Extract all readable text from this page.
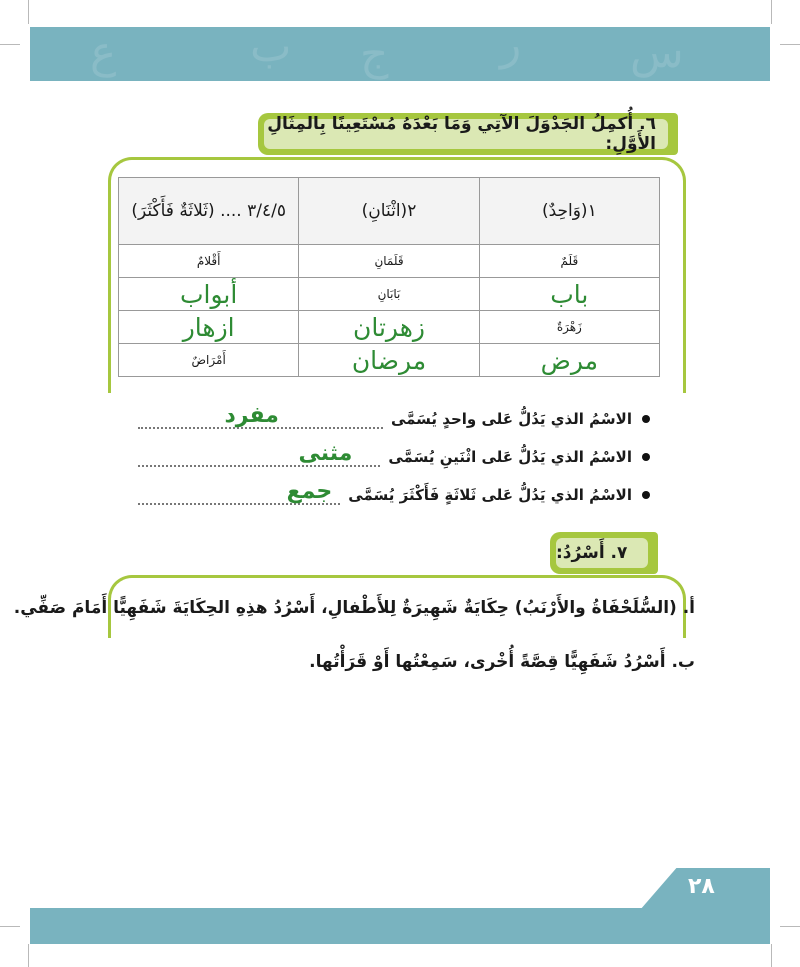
ع	ب ج	ر س
٦. أُكمِلُ الجَدْوَلَ الآتِي وَمَا بَعْدَهُ مُسْتَعِينًا بِالمِثَالِ الأَوَّلِ:
١(وَاحِدٌ)	٢(اثْنَانِ)	٣/٤/٥ .... (ثَلاثَةٌ فَأَكْثَرَ)
قَلَمٌ	قَلَمَانِ	أَقْلامٌ
باب	بَابَانِ	أبواب
زَهْرَةٌ	زهرتان	ازهار
مرض	مرضان	أَمْرَاضٌ
الاسْمُ الذي يَدُلُّ عَلى واحدٍ يُسَمَّى
مفرد
الاسْمُ الذي يَدُلُّ عَلى اثْنَينِ يُسَمَّى
مثنى
الاسْمُ الذي يَدُلُّ عَلى ثَلاثَةٍ فَأَكْثَرَ يُسَمَّى
جمع
٧. أَسْرُدُ:
أ. (السُّلَحْفَاةُ والأَرْنَبُ) حِكَايَةٌ شَهِيرَةٌ لِلأَطْفالِ، أَسْرُدُ هذِهِ الحِكَايَةَ شَفَهِيًّا أَمَامَ صَفِّي.
ب. أَسْرُدُ شَفَهِيًّا قِصَّةً أُخْرى، سَمِعْتُها أَوْ قَرَأْتُها.
٢٨
